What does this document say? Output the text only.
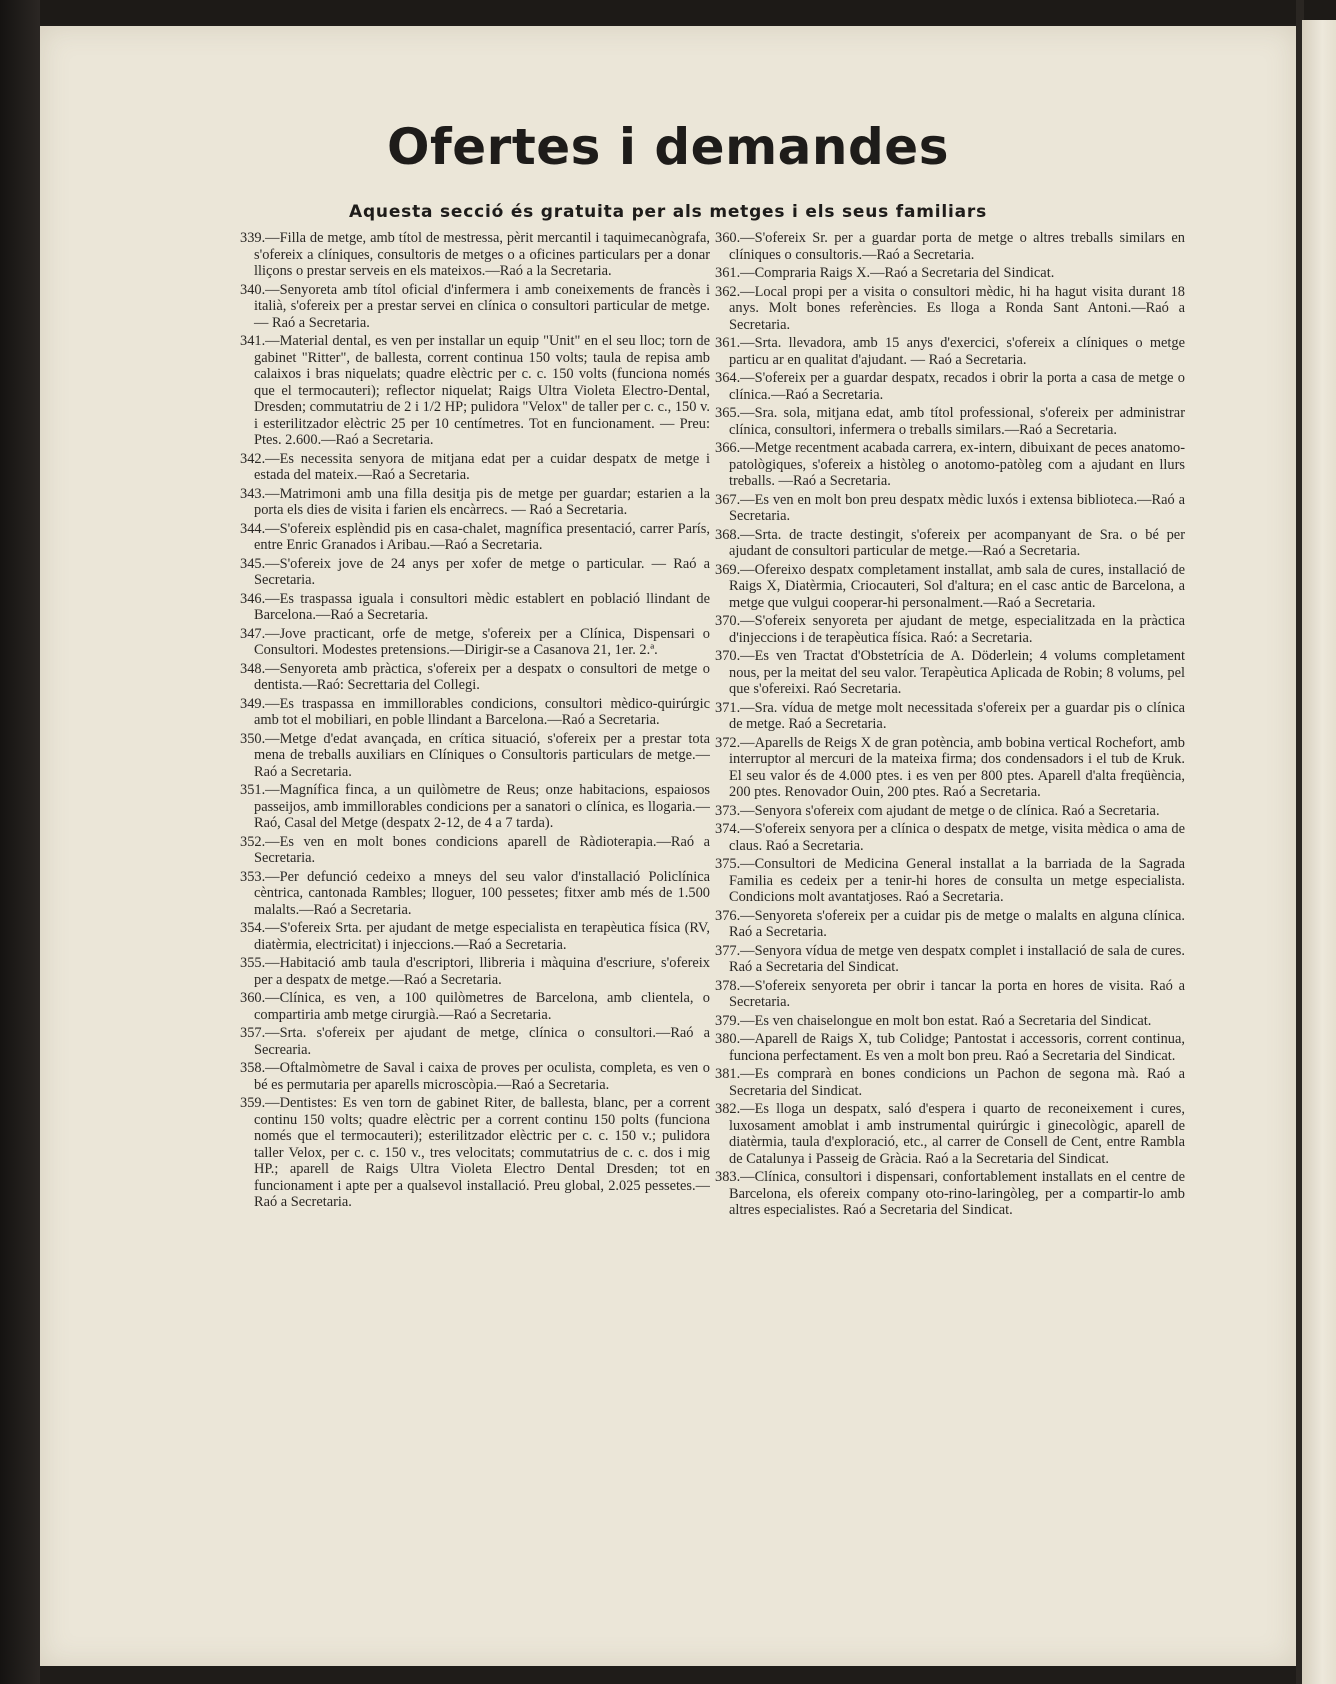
Ofertes i demandes
Aquesta secció és gratuita per als metges i els seus familiars

339.—Filla de metge, amb títol de mestressa, pèrit mercantil i taquimecanògrafa, s'ofereix a clíniques, consultoris de metges o a oficines particulars per a donar lliçons o prestar serveis en els mateixos.—Raó a la Secretaria.

340.—Senyoreta amb títol oficial d'infermera i amb coneixements de francès i italià, s'ofereix per a prestar servei en clínica o consultori particular de metge. — Raó a Secretaria.

341.—Material dental, es ven per installar un equip "Unit" en el seu lloc; torn de gabinet "Ritter", de ballesta, corrent continua 150 volts; taula de repisa amb calaixos i bras niquelats; quadre elèctric per c. c. 150 volts (funciona només que el termocauteri); reflector niquelat; Raigs Ultra Violeta Electro-Dental, Dresden; commutatriu de 2 i 1/2 HP; pulidora "Velox" de taller per c. c., 150 v. i esterilitzador elèctric 25 per 10 centímetres. Tot en funcionament. — Preu: Ptes. 2.600.—Raó a Secretaria.

342.—Es necessita senyora de mitjana edat per a cuidar despatx de metge i estada del mateix.—Raó a Secretaria.

343.—Matrimoni amb una filla desitja pis de metge per guardar; estarien a la porta els dies de visita i farien els encàrrecs. — Raó a Secretaria.

344.—S'ofereix esplèndid pis en casa-chalet, magnífica presentació, carrer París, entre Enric Granados i Aribau.—Raó a Secretaria.

345.—S'ofereix jove de 24 anys per xofer de metge o particular. — Raó a Secretaria.

346.—Es traspassa iguala i consultori mèdic establert en població llindant de Barcelona.—Raó a Secretaria.

347.—Jove practicant, orfe de metge, s'ofereix per a Clínica, Dispensari o Consultori. Modestes pretensions.—Dirigir-se a Casanova 21, 1er. 2.ª.

348.—Senyoreta amb pràctica, s'ofereix per a despatx o consultori de metge o dentista.—Raó: Secrettaria del Collegi.

349.—Es traspassa en immillorables condicions, consultori mèdico-quirúrgic amb tot el mobiliari, en poble llindant a Barcelona.—Raó a Secretaria.

350.—Metge d'edat avançada, en crítica situació, s'ofereix per a prestar tota mena de treballs auxiliars en Clíniques o Consultoris particulars de metge.—Raó a Secretaria.

351.—Magnífica finca, a un quilòmetre de Reus; onze habitacions, espaiosos passeijos, amb immillorables condicions per a sanatori o clínica, es llogaria.—Raó, Casal del Metge (despatx 2-12, de 4 a 7 tarda).

352.—Es ven en molt bones condicions aparell de Ràdioterapia.—Raó a Secretaria.

353.—Per defunció cedeixo a mneys del seu valor d'installació Policlínica cèntrica, cantonada Rambles; lloguer, 100 pessetes; fitxer amb més de 1.500 malalts.—Raó a Secretaria.

354.—S'ofereix Srta. per ajudant de metge especialista en terapèutica física (RV, diatèrmia, electricitat) i injeccions.—Raó a Secretaria.

355.—Habitació amb taula d'escriptori, llibreria i màquina d'escriure, s'ofereix per a despatx de metge.—Raó a Secretaria.

360.—Clínica, es ven, a 100 quilòmetres de Barcelona, amb clientela, o compartiria amb metge cirurgià.—Raó a Secretaria.

357.—Srta. s'ofereix per ajudant de metge, clínica o consultori.—Raó a Secrearia.

358.—Oftalmòmetre de Saval i caixa de proves per oculista, completa, es ven o bé es permutaria per aparells microscòpia.—Raó a Secretaria.

359.—Dentistes: Es ven torn de gabinet Riter, de ballesta, blanc, per a corrent continu 150 volts; quadre elèctric per a corrent continu 150 polts (funciona només que el termocauteri); esterilitzador elèctric per c. c. 150 v.; pulidora taller Velox, per c. c. 150 v., tres velocitats; commutatrius de c. c. dos i mig HP.; aparell de Raigs Ultra Violeta Electro Dental Dresden; tot en funcionament i apte per a qualsevol installació. Preu global, 2.025 pessetes.—Raó a Secretaria.

360.—S'ofereix Sr. per a guardar porta de metge o altres treballs similars en clíniques o consultoris.—Raó a Secretaria.

361.—Compraria Raigs X.—Raó a Secretaria del Sindicat.

362.—Local propi per a visita o consultori mèdic, hi ha hagut visita durant 18 anys. Molt bones referències. Es lloga a Ronda Sant Antoni.—Raó a Secretaria.

361.—Srta. llevadora, amb 15 anys d'exercici, s'ofereix a clíniques o metge particu ar en qualitat d'ajudant. — Raó a Secretaria.

364.—S'ofereix per a guardar despatx, recados i obrir la porta a casa de metge o clínica.—Raó a Secretaria.

365.—Sra. sola, mitjana edat, amb títol professional, s'ofereix per administrar clínica, consultori, infermera o treballs similars.—Raó a Secretaria.

366.—Metge recentment acabada carrera, ex-intern, dibuixant de peces anatomo-patològiques, s'ofereix a històleg o anotomo-patòleg com a ajudant en llurs treballs. —Raó a Secretaria.

367.—Es ven en molt bon preu despatx mèdic luxós i extensa biblioteca.—Raó a Secretaria.

368.—Srta. de tracte destingit, s'ofereix per acompanyant de Sra. o bé per ajudant de consultori particular de metge.—Raó a Secretaria.

369.—Ofereixo despatx completament installat, amb sala de cures, installació de Raigs X, Diatèrmia, Criocauteri, Sol d'altura; en el casc antic de Barcelona, a metge que vulgui cooperar-hi personalment.—Raó a Secretaria.

370.—S'ofereix senyoreta per ajudant de metge, especialitzada en la pràctica d'injeccions i de terapèutica física. Raó: a Secretaria.

370.—Es ven Tractat d'Obstetrícia de A. Döderlein; 4 volums completament nous, per la meitat del seu valor. Terapèutica Aplicada de Robin; 8 volums, pel que s'ofereixi. Raó Secretaria.

371.—Sra. vídua de metge molt necessitada s'ofereix per a guardar pis o clínica de metge. Raó a Secretaria.

372.—Aparells de Reigs X de gran potència, amb bobina vertical Rochefort, amb interruptor al mercuri de la mateixa firma; dos condensadors i el tub de Kruk. El seu valor és de 4.000 ptes. i es ven per 800 ptes. Aparell d'alta freqüència, 200 ptes. Renovador Ouin, 200 ptes. Raó a Secretaria.

373.—Senyora s'ofereix com ajudant de metge o de clínica. Raó a Secretaria.

374.—S'ofereix senyora per a clínica o despatx de metge, visita mèdica o ama de claus. Raó a Secretaria.

375.—Consultori de Medicina General installat a la barriada de la Sagrada Familia es cedeix per a tenir-hi hores de consulta un metge especialista. Condicions molt avantatjoses. Raó a Secretaria.

376.—Senyoreta s'ofereix per a cuidar pis de metge o malalts en alguna clínica. Raó a Secretaria.

377.—Senyora vídua de metge ven despatx complet i installació de sala de cures. Raó a Secretaria del Sindicat.

378.—S'ofereix senyoreta per obrir i tancar la porta en hores de visita. Raó a Secretaria.

379.—Es ven chaiselongue en molt bon estat. Raó a Secretaria del Sindicat.

380.—Aparell de Raigs X, tub Colidge; Pantostat i accessoris, corrent continua, funciona perfectament. Es ven a molt bon preu. Raó a Secretaria del Sindicat.

381.—Es comprarà en bones condicions un Pachon de segona mà. Raó a Secretaria del Sindicat.

382.—Es lloga un despatx, saló d'espera i quarto de reconeixement i cures, luxosament amoblat i amb instrumental quirúrgic i ginecològic, aparell de diatèrmia, taula d'exploració, etc., al carrer de Consell de Cent, entre Rambla de Catalunya i Passeig de Gràcia. Raó a la Secretaria del Sindicat.

383.—Clínica, consultori i dispensari, confortablement installats en el centre de Barcelona, els ofereix company oto-rino-laringòleg, per a compartir-lo amb altres especialistes. Raó a Secretaria del Sindicat.
